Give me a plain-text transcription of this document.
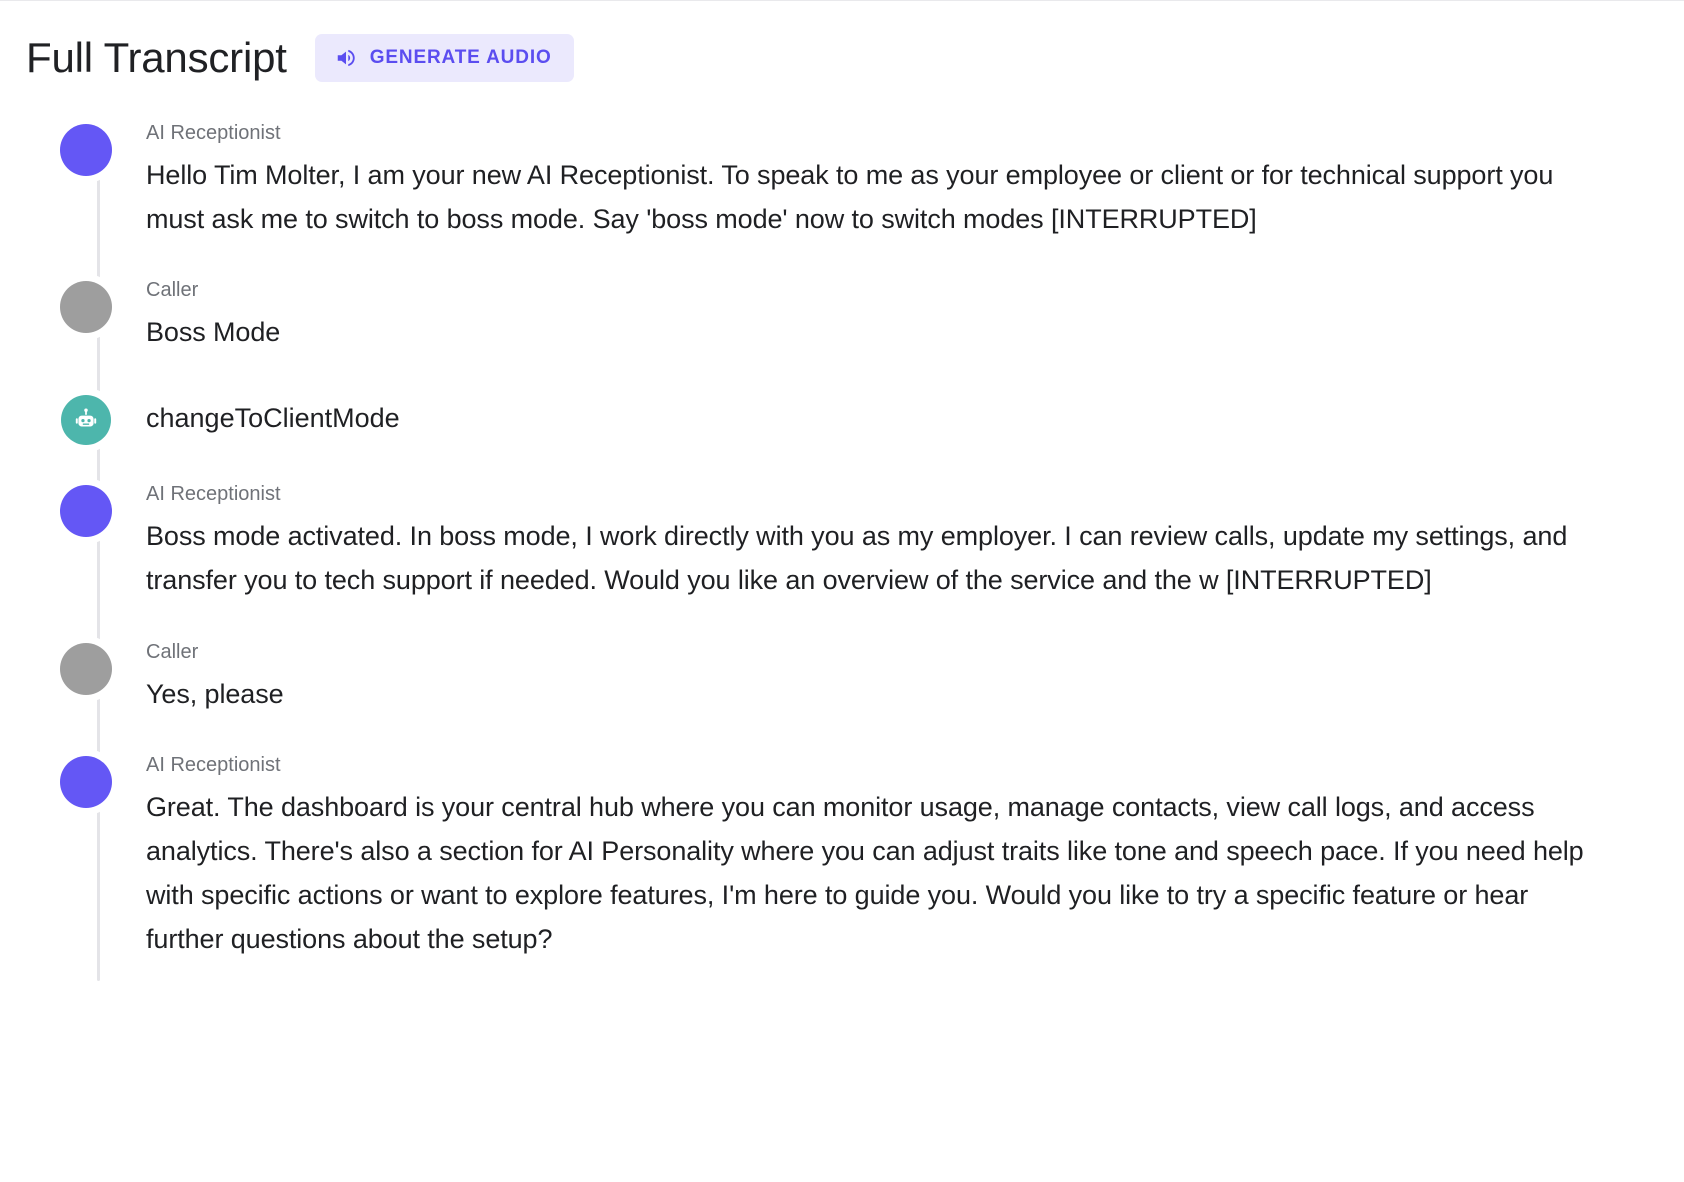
Full Transcript	GENERATE AUDIO
AI Receptionist
Hello Tim Molter, I am your new AI Receptionist. To speak to me as your employee or client or for technical support you must ask me to switch to boss mode. Say 'boss mode' now to switch modes [INTERRUPTED]
Caller
Boss Mode
changeToClientMode
AI Receptionist
Boss mode activated. In boss mode, I work directly with you as my employer. I can review calls, update my settings, and transfer you to tech support if needed. Would you like an overview of the service and the w [INTERRUPTED]
Caller
Yes, please
AI Receptionist
Great. The dashboard is your central hub where you can monitor usage, manage contacts, view call logs, and access analytics. There's also a section for AI Personality where you can adjust traits like tone and speech pace. If you need help with specific actions or want to explore features, I'm here to guide you. Would you like to try a specific feature or hear further questions about the setup?
